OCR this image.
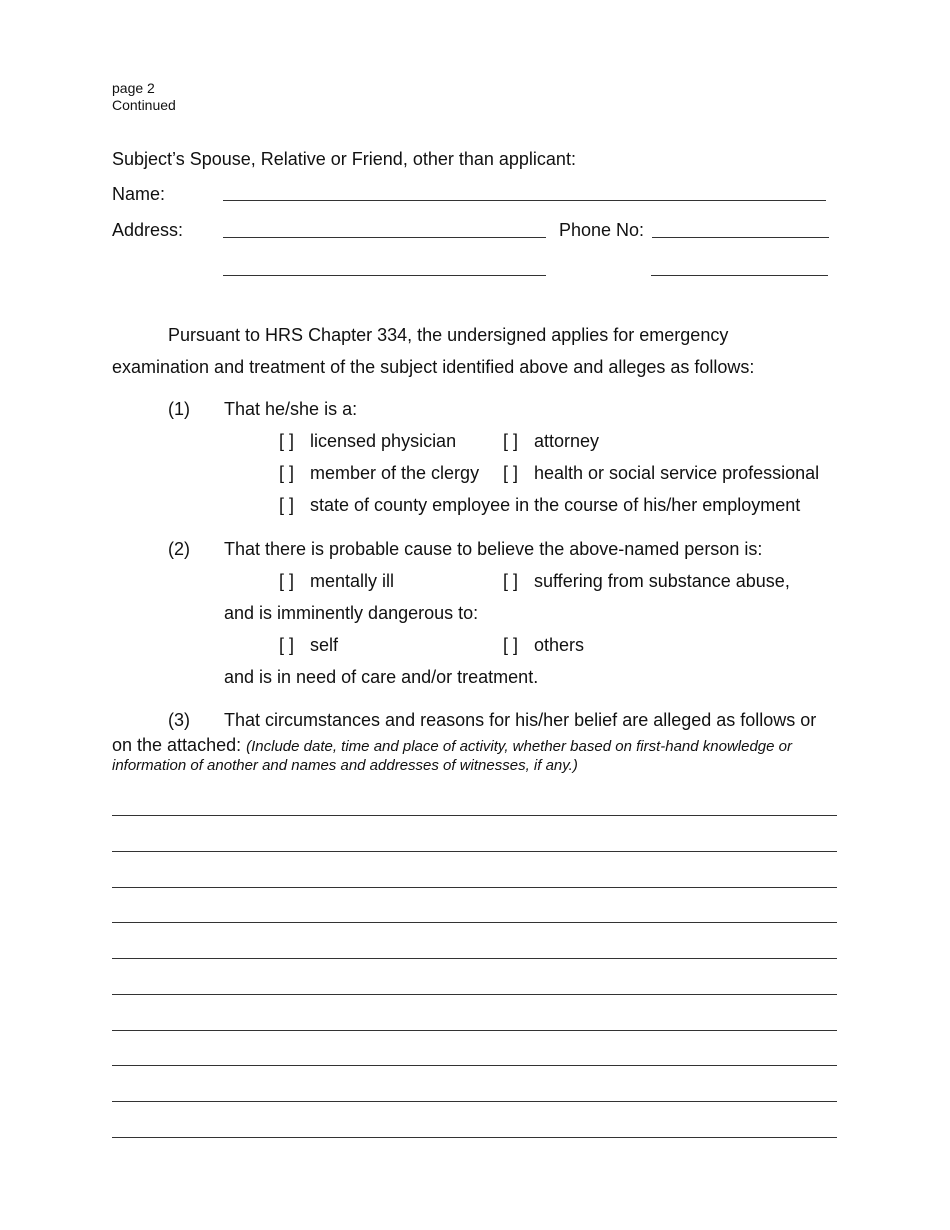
page 2
Continued
Subject’s Spouse, Relative or Friend, other than applicant:
Name:
Address:	Phone No:
Pursuant to HRS Chapter 334, the undersigned applies for emergency
examination and treatment of the subject identified above and alleges as follows:
(1) That he/she is a:
[ ] licensed physician	[ ] attorney
[ ] member of the clergy [ ] health or social service professional
[ ] state of county employee in the course of his/her employment
(2) That there is probable cause to believe the above-named person is:
[ ] mentally ill	[ ] suffering from substance abuse,
and is imminently dangerous to:
[ ] self	[ ] others
and is in need of care and/or treatment.
(3) That circumstances and reasons for his/her belief are alleged as follows or
on the attached: (Include date, time and place of activity, whether based on first-hand knowledge or
information of another and names and addresses of witnesses, if any.)
